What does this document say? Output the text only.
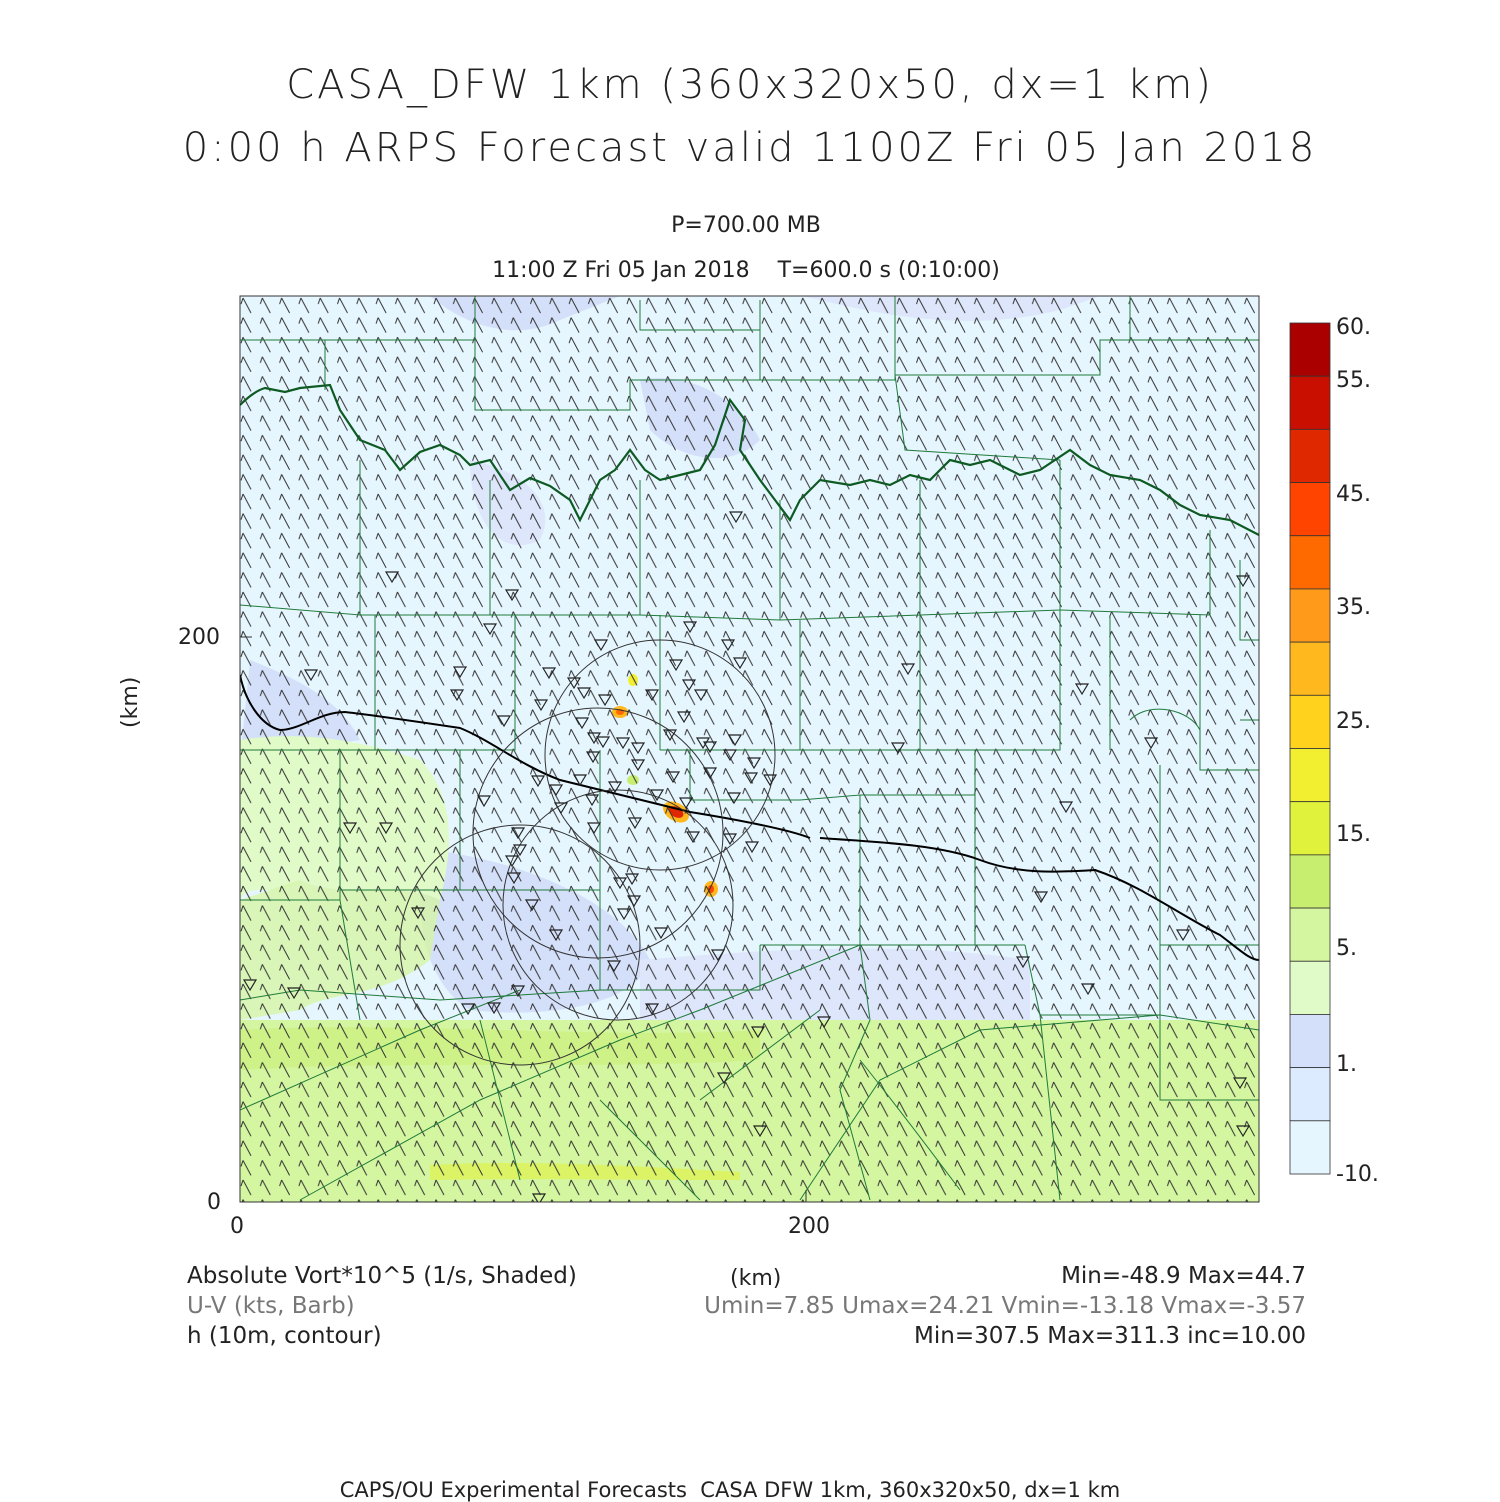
CASA_DFW 1km (360x320x50, dx=1 km)
0:00 h ARPS Forecast valid 1100Z Fri 05 Jan 2018
P=700.00 MB
11:00 Z Fri 05 Jan 2018    T=600.0 s (0:10:00)
(km)
200
0
0	200
(km)
60.
55.
45.
35.
25.
15.
5.
1.
-10.
Absolute Vort*10^5 (1/s, Shaded)	Min=-48.9 Max=44.7
U-V (kts, Barb)	Umin=7.85 Umax=24.21 Vmin=-13.18 Vmax=-3.57
h (10m, contour)	Min=307.5 Max=311.3 inc=10.00
CAPS/OU Experimental Forecasts  CASA DFW 1km, 360x320x50, dx=1 km
